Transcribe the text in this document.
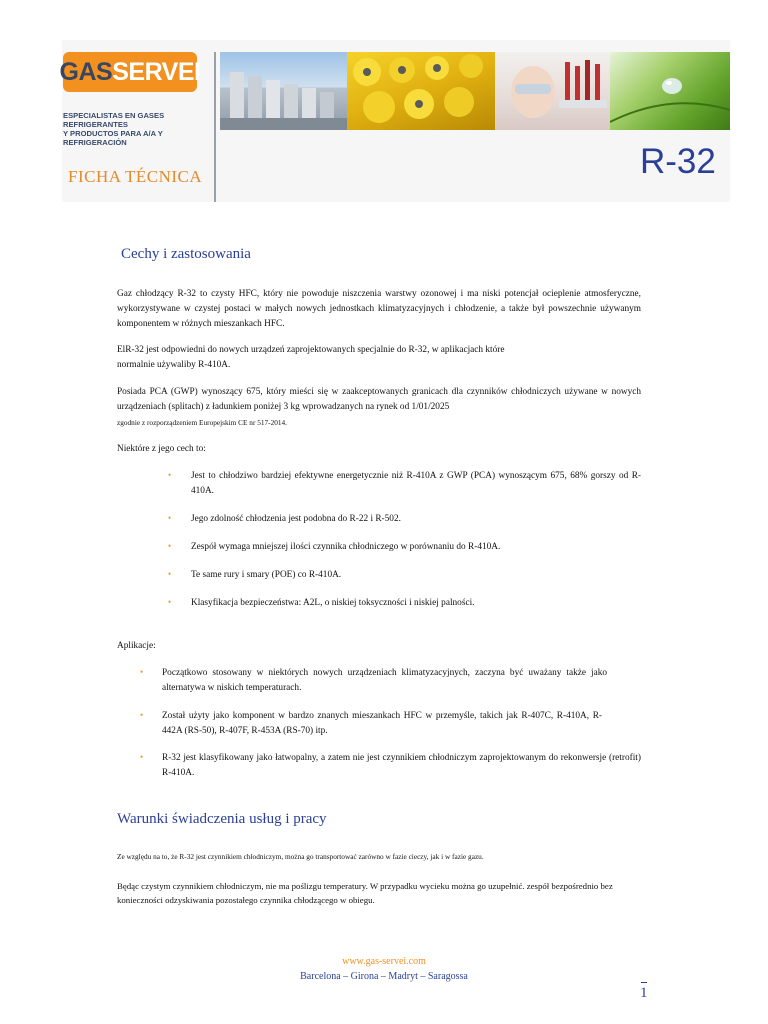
GAS SERVEI
ESPECIALISTAS EN GASES REFRIGERANTES
Y PRODUCTOS PARA A/A Y REFRIGERACIÓN
FICHA TÉCNICA	R-32
Cechy i zastosowania
Gaz chłodzący R-32 to czysty HFC, który nie powoduje niszczenia warstwy ozonowej i ma niski potencjał ocieplenie atmosferyczne, wykorzystywane w czystej postaci w małych nowych jednostkach klimatyzacyjnych i chłodzenie, a także był powszechnie używanym komponentem w różnych mieszankach HFC.
ElR-32 jest odpowiedni do nowych urządzeń zaprojektowanych specjalnie do R-32, w aplikacjach które
normalnie używaliby R-410A.
Posiada PCA (GWP) wynoszący 675, który mieści się w zaakceptowanych granicach dla czynników chłodniczych używane w nowych urządzeniach (splitach) z ładunkiem poniżej 3 kg wprowadzanych na rynek od 1/01/2025
zgodnie z rozporządzeniem Europejskim CE nr 517-2014.
Niektóre z jego cech to:
•	Jest to chłodziwo bardziej efektywne energetycznie niż R-410A z GWP (PCA) wynoszącym 675, 68% gorszy od R-410A.
•	Jego zdolność chłodzenia jest podobna do R-22 i R-502.
•	Zespół wymaga mniejszej ilości czynnika chłodniczego w porównaniu do R-410A.
•	Te same rury i smary (POE) co R-410A.
•	Klasyfikacja bezpieczeństwa: A2L, o niskiej toksyczności i niskiej palności.
Aplikacje:
•	Początkowo stosowany w niektórych nowych urządzeniach klimatyzacyjnych, zaczyna być uważany także jako alternatywa w niskich temperaturach.
•	Został użyty jako komponent w bardzo znanych mieszankach HFC w przemyśle, takich jak R-407C, R-410A, R-442A (RS-50), R-407F, R-453A (RS-70) itp.
•	R-32 jest klasyfikowany jako łatwopalny, a zatem nie jest czynnikiem chłodniczym zaprojektowanym do rekonwersje (retrofit) R-410A.
Warunki świadczenia usług i pracy
Ze względu na to, że R-32 jest czynnikiem chłodniczym, można go transportować zarówno w fazie cieczy, jak i w fazie gazu.
Będąc czystym czynnikiem chłodniczym, nie ma poślizgu temperatury. W przypadku wycieku można go uzupełnić. zespół bezpośrednio bez konieczności odzyskiwania pozostałego czynnika chłodzącego w obiegu.
www.gas-servei.com
Barcelona – Girona – Madryt – Saragossa
1
